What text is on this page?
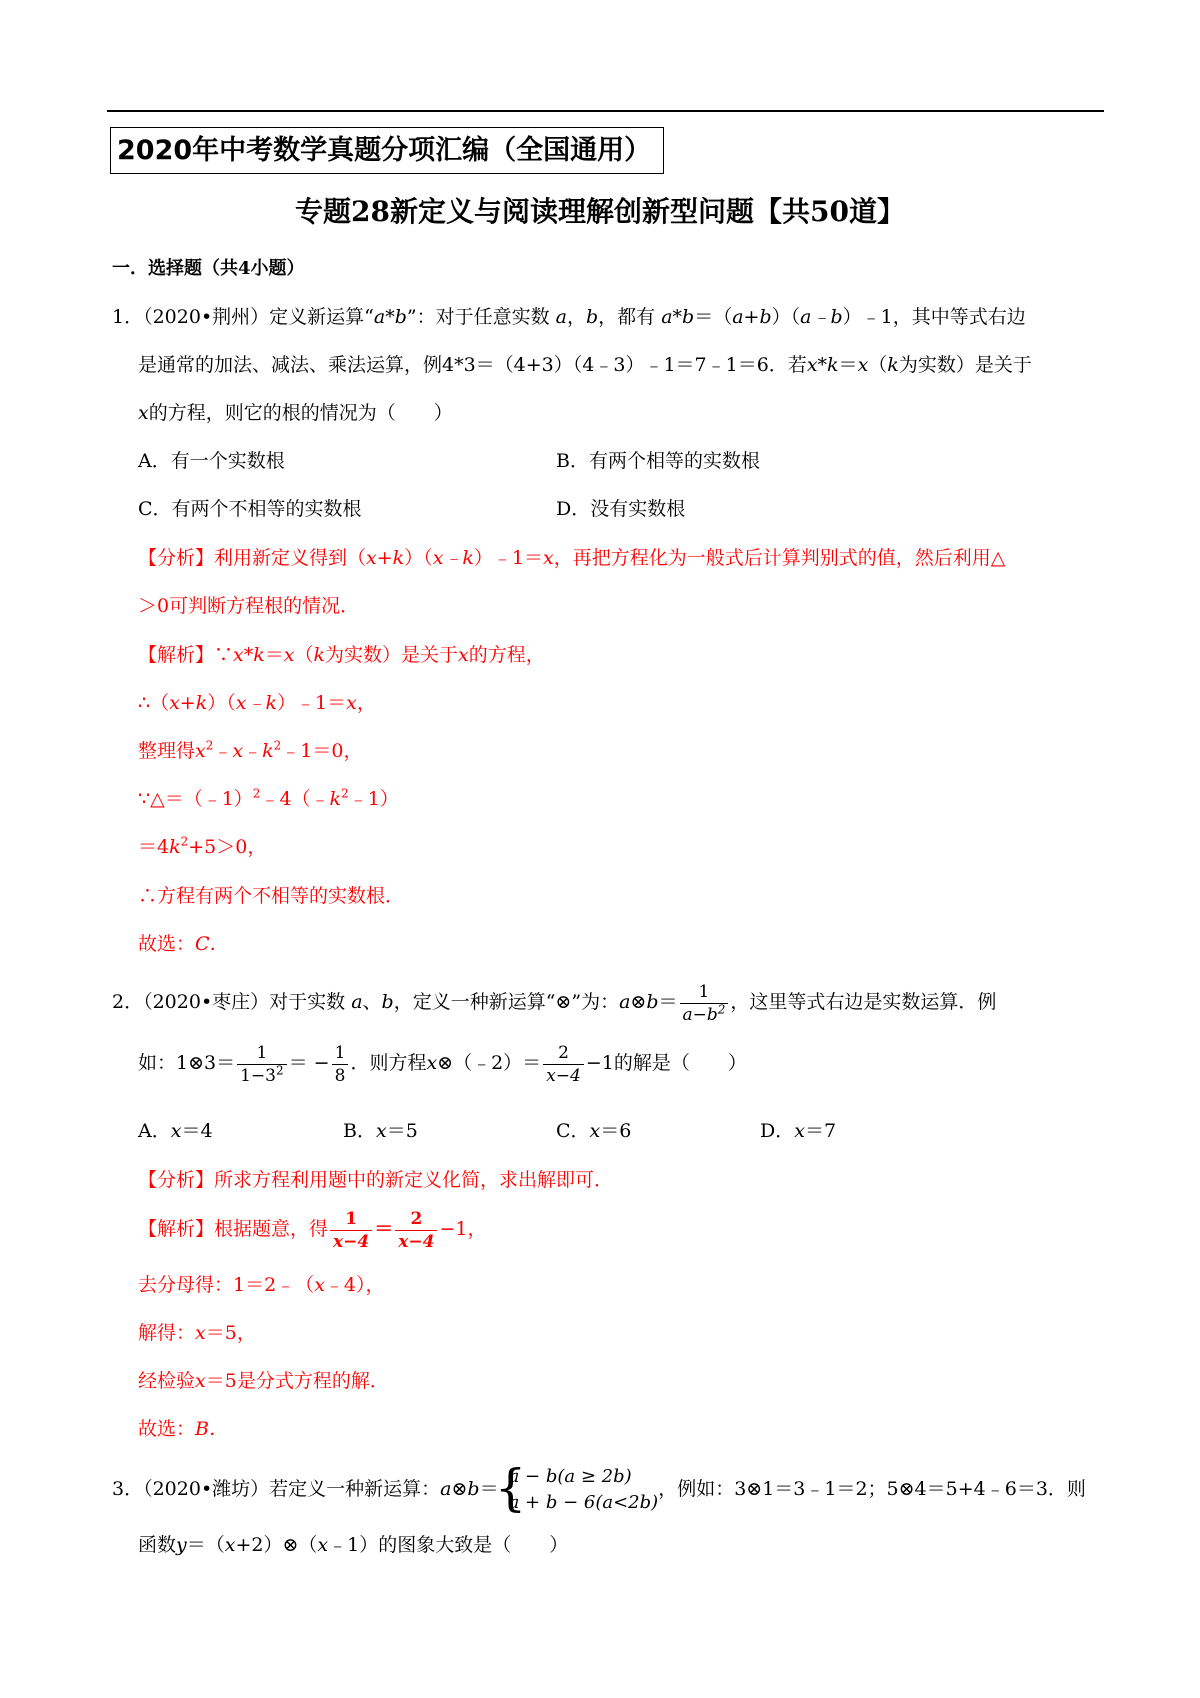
2020年中考数学真题分项汇编（全国通用）
专题28新定义与阅读理解创新型问题【共50道】
一．选择题（共4小题）
1．（2020•荆州）定义新运算“a*b”：对于任意实数 a，b，都有 a*b＝（a+b）（a﹣b）﹣1，其中等式右边
是通常的加法、减法、乘法运算，例4*3＝（4+3）（4﹣3）﹣1＝7﹣1＝6．若x*k＝x（k为实数）是关于
x的方程，则它的根的情况为（　　）
A．有一个实数根	B．有两个相等的实数根
C．有两个不相等的实数根	D．没有实数根
【分析】利用新定义得到（x+k）（x﹣k）﹣1＝x，再把方程化为一般式后计算判别式的值，然后利用△
＞0可判断方程根的情况．
【解析】∵x*k＝x（k为实数）是关于x的方程，
∴（x+k）（x﹣k）﹣1＝x，
整理得$x^2﹣x﹣k^2﹣1=0$，
$\because\triangle=(﹣1)^2﹣4(﹣k^2﹣1)$
$=4k^2+5>0$，
∴方程有两个不相等的实数根．
故选：C．
2．（2020•枣庄）对于实数 a、b，定义一种新运算“⊗”为：a⊗b＝ $\frac{1}{a-b^2}$ ，这里等式右边是实数运算．例
如：1⊗3＝ $\frac{1}{1-3^2}$ ＝ − $\frac{1}{8}$ ．则方程x⊗（﹣2）＝ $\frac{2}{x-4} -1$的解是（　　）
A．x＝4	B．x＝5	C．x＝6	D．x＝7
【分析】所求方程利用题中的新定义化简，求出解即可．
【解析】根据题意，得 $\frac{1}{x-4} = \frac{2}{x-4} -1$，
去分母得：1＝2﹣（x﹣4），
解得：x＝5，
经检验x＝5是分式方程的解．
故选：B．
3．（2020•潍坊）若定义一种新运算：a⊗b＝
{
a − b(a ≥ 2b)
a + b − 6(a<2b)
，例如：3⊗1＝3﹣1＝2；5⊗4＝5+4﹣6＝3．则
函数y＝（x+2）⊗（x﹣1）的图象大致是（　　）
